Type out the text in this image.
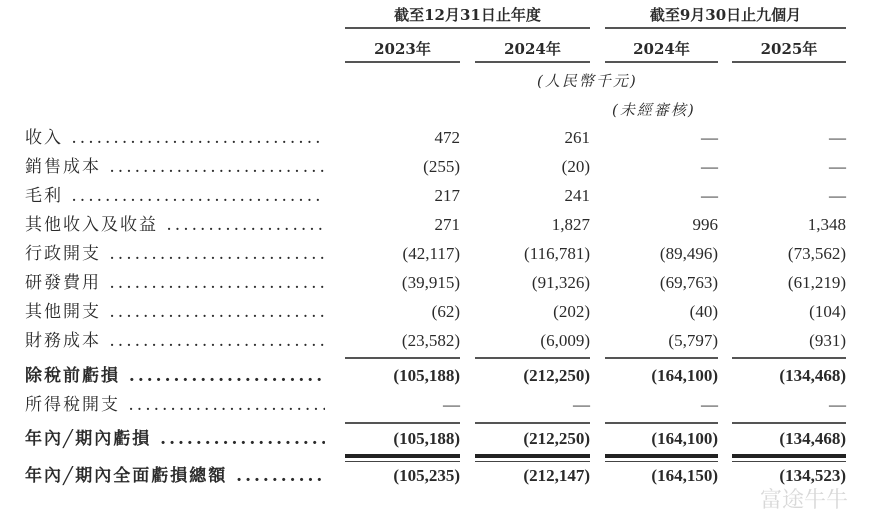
截至12月31日止年度	截至9月30日止九個月
2023年	2024年	2024年	2025年
(人民幣千元)
(未經審核)
收入 .....	472	261	—	—
銷售成本 .....	(255)	(20)	—	—
毛利 .....	217	241	—	—
其他收入及收益 .....	271	1,827	996	1,348
行政開支 .....	(42,117)	(116,781)	(89,496)	(73,562)
研發費用 .....	(39,915)	(91,326)	(69,763)	(61,219)
其他開支 .....	(62)	(202)	(40)	(104)
財務成本 .....	(23,582)	(6,009)	(5,797)	(931)
除稅前虧損 .....	(105,188)	(212,250)	(164,100)	(134,468)
所得稅開支 .....	—	—	—	—
年內╱期內虧損 .....	(105,188)	(212,250)	(164,100)	(134,468)
年內╱期內全面虧損總額 .....	(105,235)	(212,147)	(164,150)	(134,523)
富途牛牛
